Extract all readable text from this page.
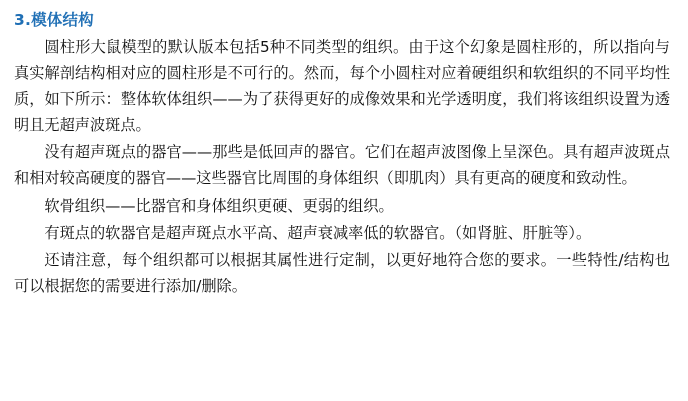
3.模体结构

圆柱形大鼠模型的默认版本包括5种不同类型的组织。由于这个幻象是圆柱形的，所以指向与真实解剖结构相对应的圆柱形是不可行的。然而，每个小圆柱对应着硬组织和软组织的不同平均性质，如下所示：整体软体组织——为了获得更好的成像效果和光学透明度，我们将该组织设置为透明且无超声波斑点。

没有超声斑点的器官——那些是低回声的器官。它们在超声波图像上呈深色。具有超声波斑点和相对较高硬度的器官——这些器官比周围的身体组织（即肌肉）具有更高的硬度和致动性。

软骨组织——比器官和身体组织更硬、更弱的组织。

有斑点的软器官是超声斑点水平高、超声衰减率低的软器官。（如肾脏、肝脏等）。

还请注意，每个组织都可以根据其属性进行定制，以更好地符合您的要求。一些特性/结构也可以根据您的需要进行添加/删除。
